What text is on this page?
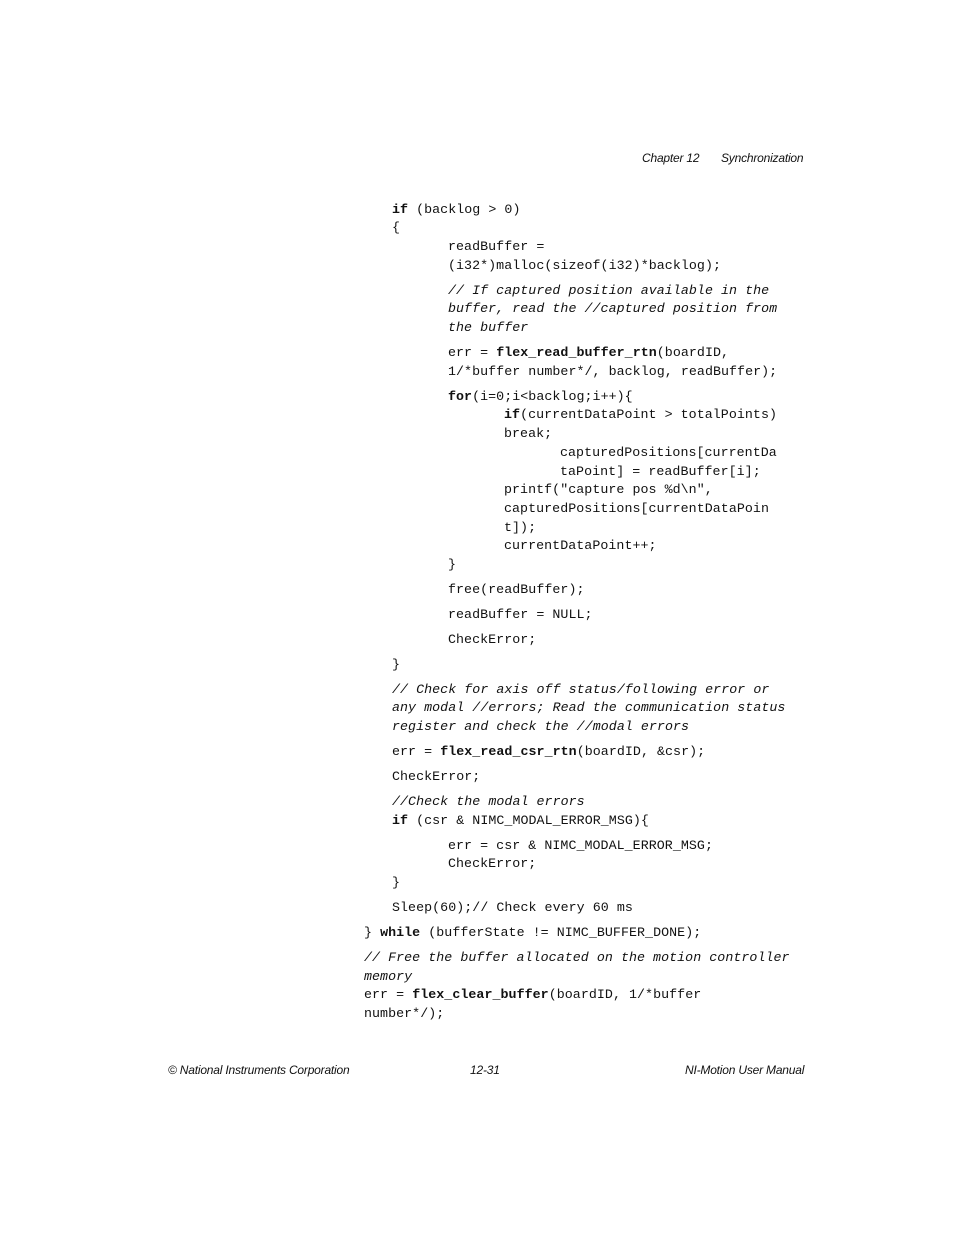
Chapter 12 Synchronization
if (backlog > 0)
{
readBuffer =
(i32*)malloc(sizeof(i32)*backlog);
// If captured position available in the
buffer, read the //captured position from
the buffer
err = flex_read_buffer_rtn(boardID,
1/*buffer number*/, backlog, readBuffer);
for(i=0;i<backlog;i++){
if(currentDataPoint > totalPoints)
break;
capturedPositions[currentDa
taPoint] = readBuffer[i];
printf("capture pos %d\n",
capturedPositions[currentDataPoin
t]);
currentDataPoint++;
}
free(readBuffer);
readBuffer = NULL;
CheckError;
}
// Check for axis off status/following error or
any modal //errors; Read the communication status
register and check the //modal errors
err = flex_read_csr_rtn(boardID, &csr);
CheckError;
//Check the modal errors
if (csr & NIMC_MODAL_ERROR_MSG){
err = csr & NIMC_MODAL_ERROR_MSG;
CheckError;
}
Sleep(60);// Check every 60 ms
} while (bufferState != NIMC_BUFFER_DONE);
// Free the buffer allocated on the motion controller
memory
err = flex_clear_buffer(boardID, 1/*buffer
number*/);
© National Instruments Corporation	12-31	NI-Motion User Manual
